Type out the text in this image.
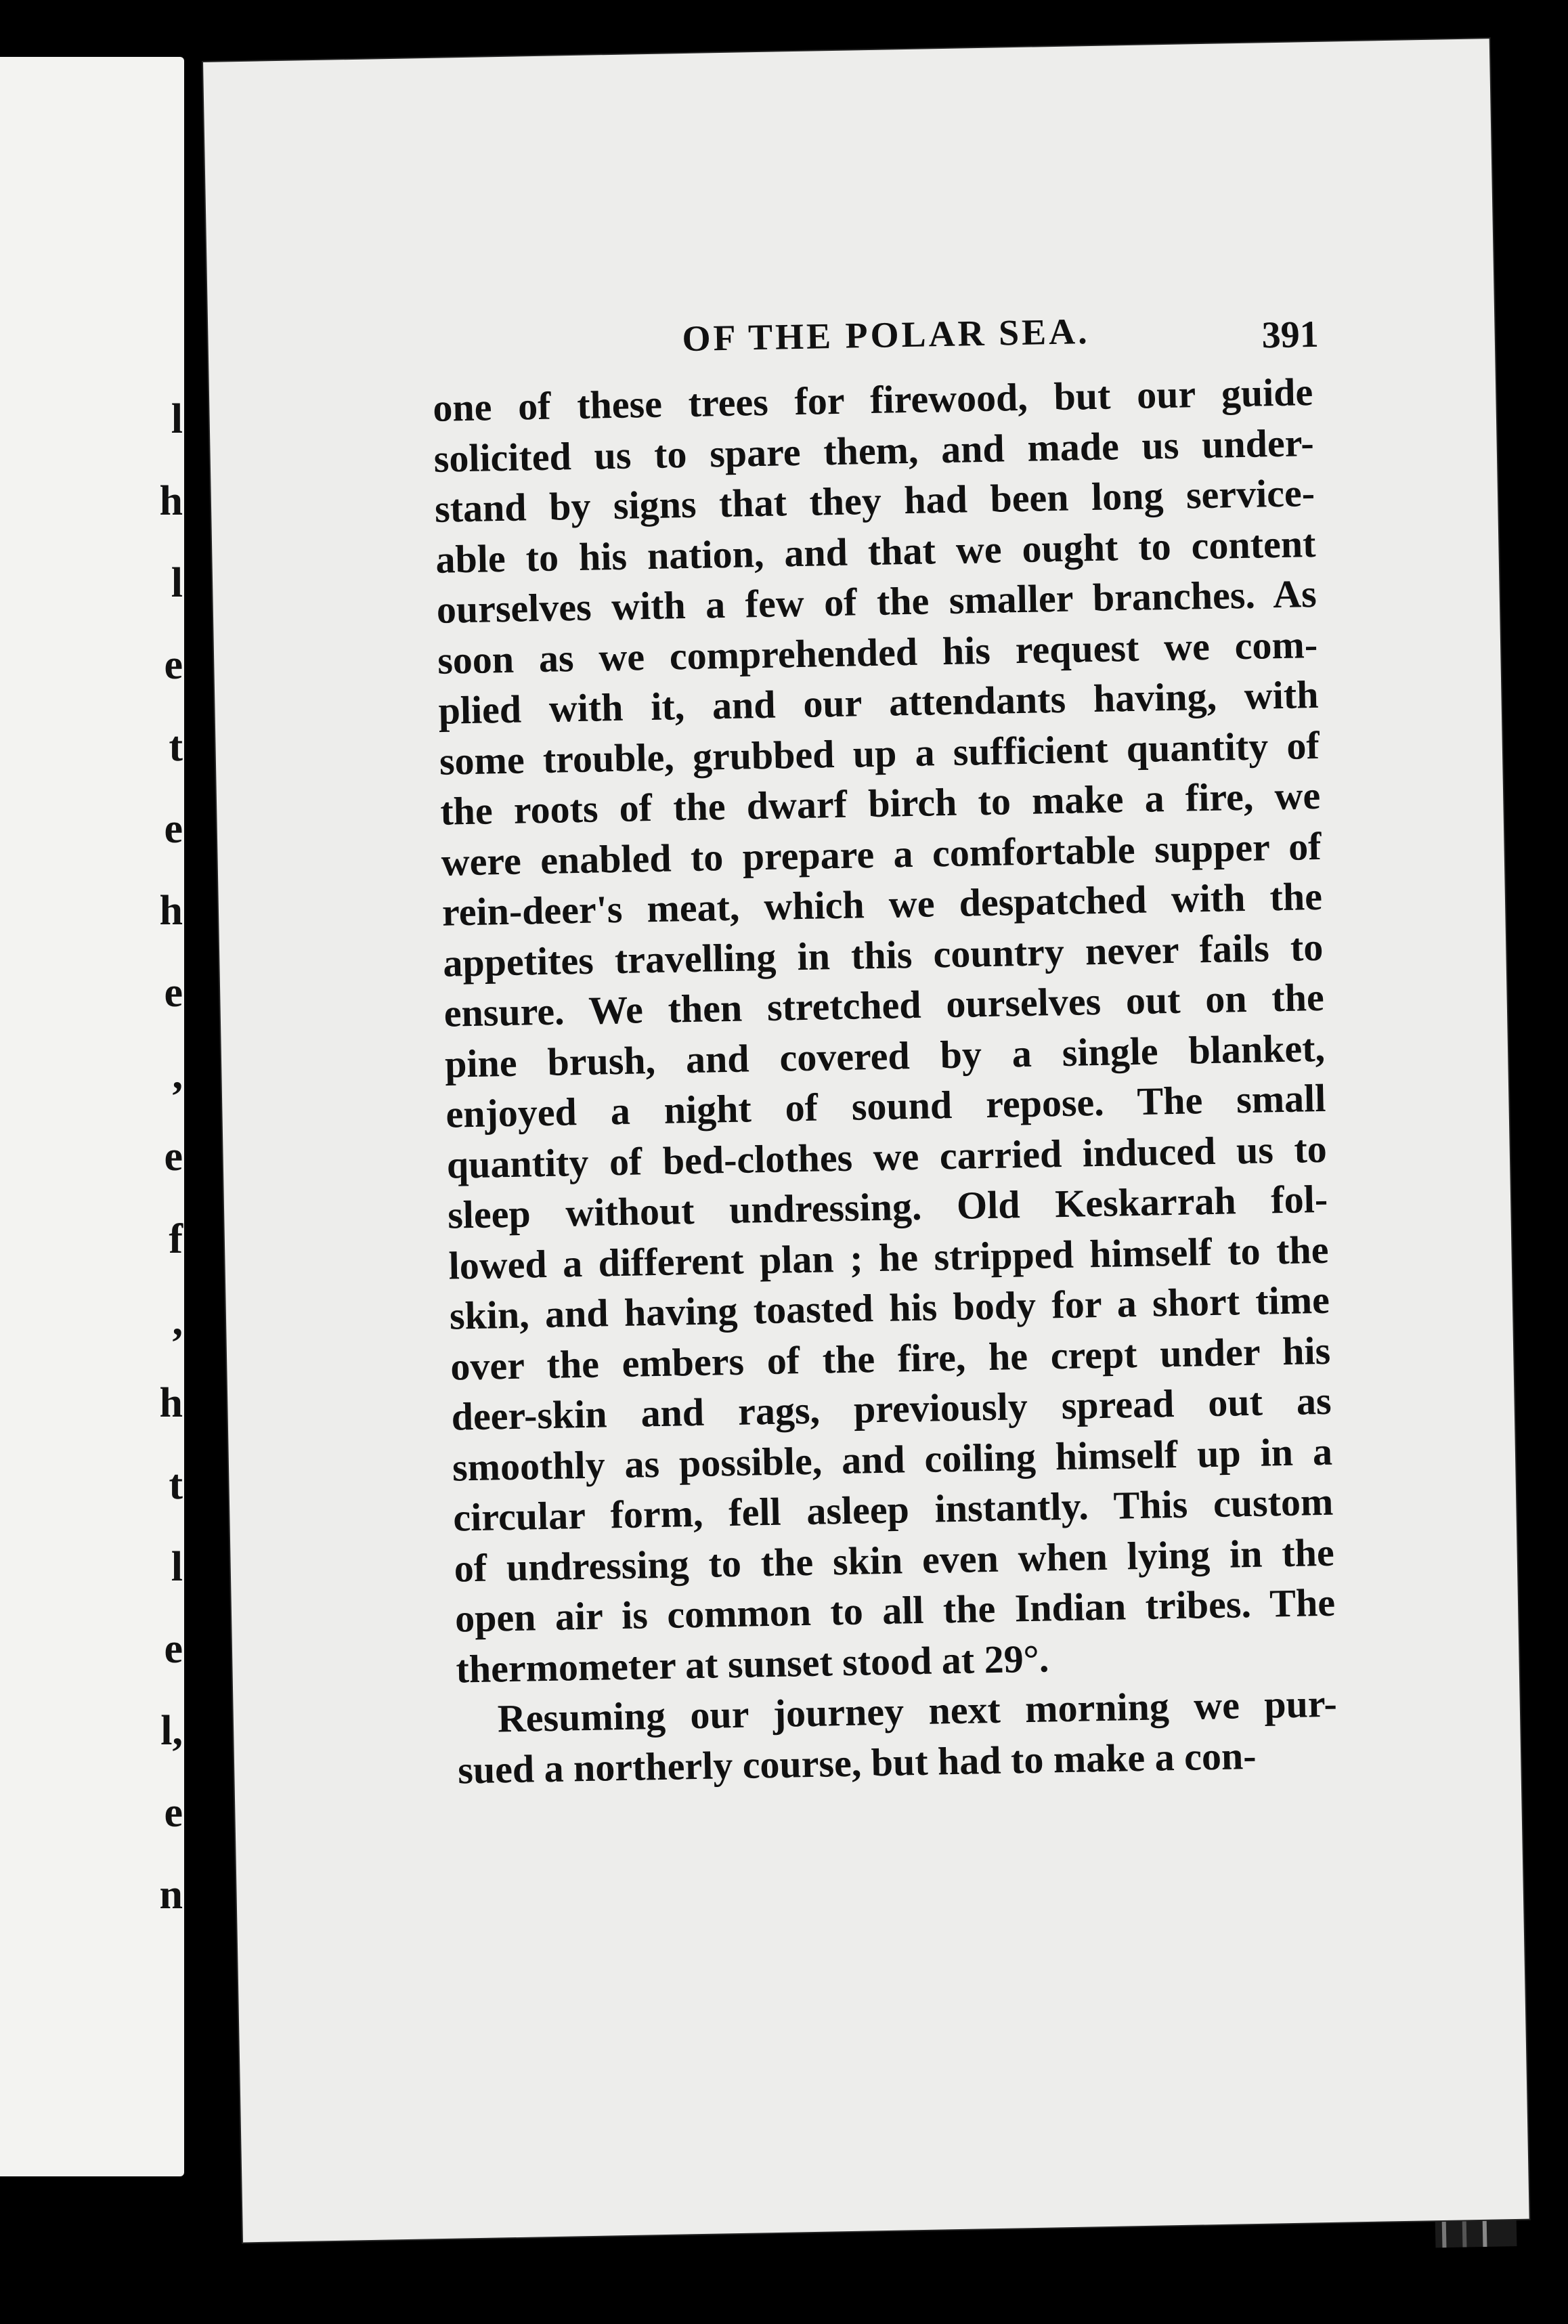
l
h
l
e
t
e
h
e
,
e
f
,
h
t
l
e
l,
e
n
OF THE POLAR SEA.	391
one of these trees for firewood, but our guide
solicited us to spare them, and made us under-
stand by signs that they had been long service-
able to his nation, and that we ought to content
ourselves with a few of the smaller branches. As
soon as we comprehended his request we com-
plied with it, and our attendants having, with
some trouble, grubbed up a sufficient quantity of
the roots of the dwarf birch to make a fire, we
were enabled to prepare a comfortable supper of
rein-deer's meat, which we despatched with the
appetites travelling in this country never fails to
ensure. We then stretched ourselves out on the
pine brush, and covered by a single blanket,
enjoyed a night of sound repose. The small
quantity of bed-clothes we carried induced us to
sleep without undressing. Old Keskarrah fol-
lowed a different plan ; he stripped himself to the
skin, and having toasted his body for a short time
over the embers of the fire, he crept under his
deer-skin and rags, previously spread out as
smoothly as possible, and coiling himself up in a
circular form, fell asleep instantly. This custom
of undressing to the skin even when lying in the
open air is common to all the Indian tribes. The
thermometer at sunset stood at 29°.
Resuming our journey next morning we pur-
sued a northerly course, but had to make a con-
